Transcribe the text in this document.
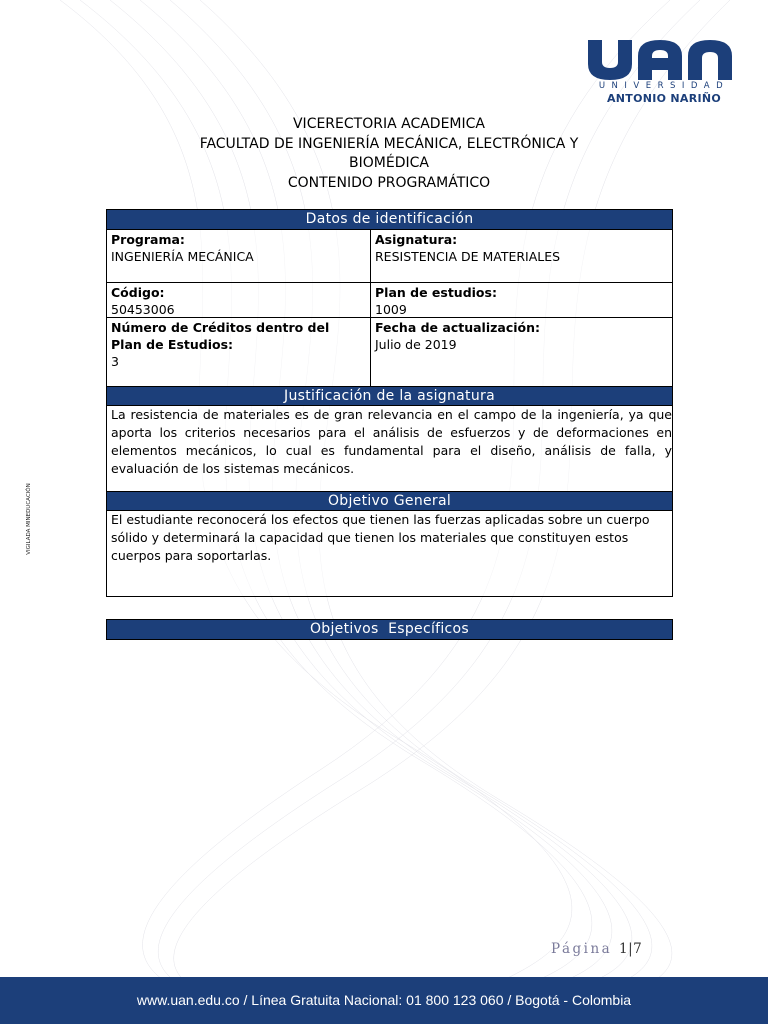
UAN
UNIVERSIDAD
ANTONIO NARIÑO
VIGILADA MINEDUCACIÓN
VICERECTORIA ACADEMICA
FACULTAD DE INGENIERÍA MECÁNICA, ELECTRÓNICA Y
BIOMÉDICA
CONTENIDO PROGRAMÁTICO
Datos de identificación
Programa:
INGENIERÍA MECÁNICA
Asignatura:
RESISTENCIA DE MATERIALES
Código:
50453006
Plan de estudios:
1009
Número de Créditos dentro del
Plan de Estudios:
3
Fecha de actualización:
Julio de 2019
Justificación de la asignatura
La resistencia de materiales es de gran relevancia en el campo de la ingeniería, ya que aporta los criterios necesarios para el análisis de esfuerzos y de deformaciones en elementos mecánicos, lo cual es fundamental para el diseño, análisis de falla, y evaluación de los sistemas mecánicos.
Objetivo General
El estudiante reconocerá los efectos que tienen las fuerzas aplicadas sobre un cuerpo sólido y determinará la capacidad que tienen los materiales que constituyen estos cuerpos para soportarlas.
Objetivos  Específicos
Página 1|7
www.uan.edu.co / Línea Gratuita Nacional: 01 800 123 060 / Bogotá - Colombia
